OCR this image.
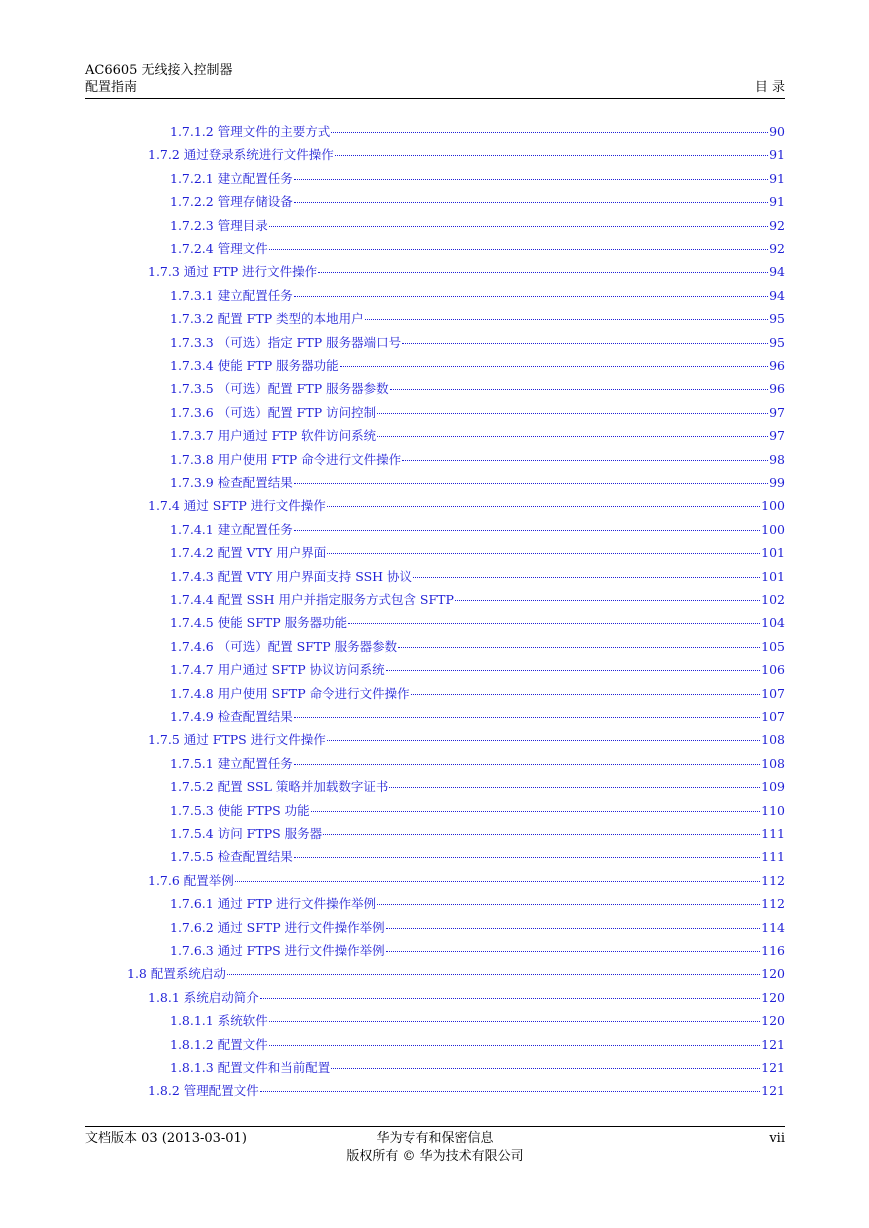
AC6605 无线接入控制器
配置指南	目 录
1.7.1.2 管理文件的主要方式	90
1.7.2 通过登录系统进行文件操作	91
1.7.2.1 建立配置任务	91
1.7.2.2 管理存储设备	91
1.7.2.3 管理目录	92
1.7.2.4 管理文件	92
1.7.3 通过 FTP 进行文件操作	94
1.7.3.1 建立配置任务	94
1.7.3.2 配置 FTP 类型的本地用户	95
1.7.3.3 （可选）指定 FTP 服务器端口号	95
1.7.3.4 使能 FTP 服务器功能	96
1.7.3.5 （可选）配置 FTP 服务器参数	96
1.7.3.6 （可选）配置 FTP 访问控制	97
1.7.3.7 用户通过 FTP 软件访问系统	97
1.7.3.8 用户使用 FTP 命令进行文件操作	98
1.7.3.9 检查配置结果	99
1.7.4 通过 SFTP 进行文件操作	100
1.7.4.1 建立配置任务	100
1.7.4.2 配置 VTY 用户界面	101
1.7.4.3 配置 VTY 用户界面支持 SSH 协议	101
1.7.4.4 配置 SSH 用户并指定服务方式包含 SFTP	102
1.7.4.5 使能 SFTP 服务器功能	104
1.7.4.6 （可选）配置 SFTP 服务器参数	105
1.7.4.7 用户通过 SFTP 协议访问系统	106
1.7.4.8 用户使用 SFTP 命令进行文件操作	107
1.7.4.9 检查配置结果	107
1.7.5 通过 FTPS 进行文件操作	108
1.7.5.1 建立配置任务	108
1.7.5.2 配置 SSL 策略并加载数字证书	109
1.7.5.3 使能 FTPS 功能	110
1.7.5.4 访问 FTPS 服务器	111
1.7.5.5 检查配置结果	111
1.7.6 配置举例	112
1.7.6.1 通过 FTP 进行文件操作举例	112
1.7.6.2 通过 SFTP 进行文件操作举例	114
1.7.6.3 通过 FTPS 进行文件操作举例	116
1.8 配置系统启动	120
1.8.1 系统启动简介	120
1.8.1.1 系统软件	120
1.8.1.2 配置文件	121
1.8.1.3 配置文件和当前配置	121
1.8.2 管理配置文件	121
文档版本 03 (2013-03-01)	华为专有和保密信息
版权所有 © 华为技术有限公司
vii
